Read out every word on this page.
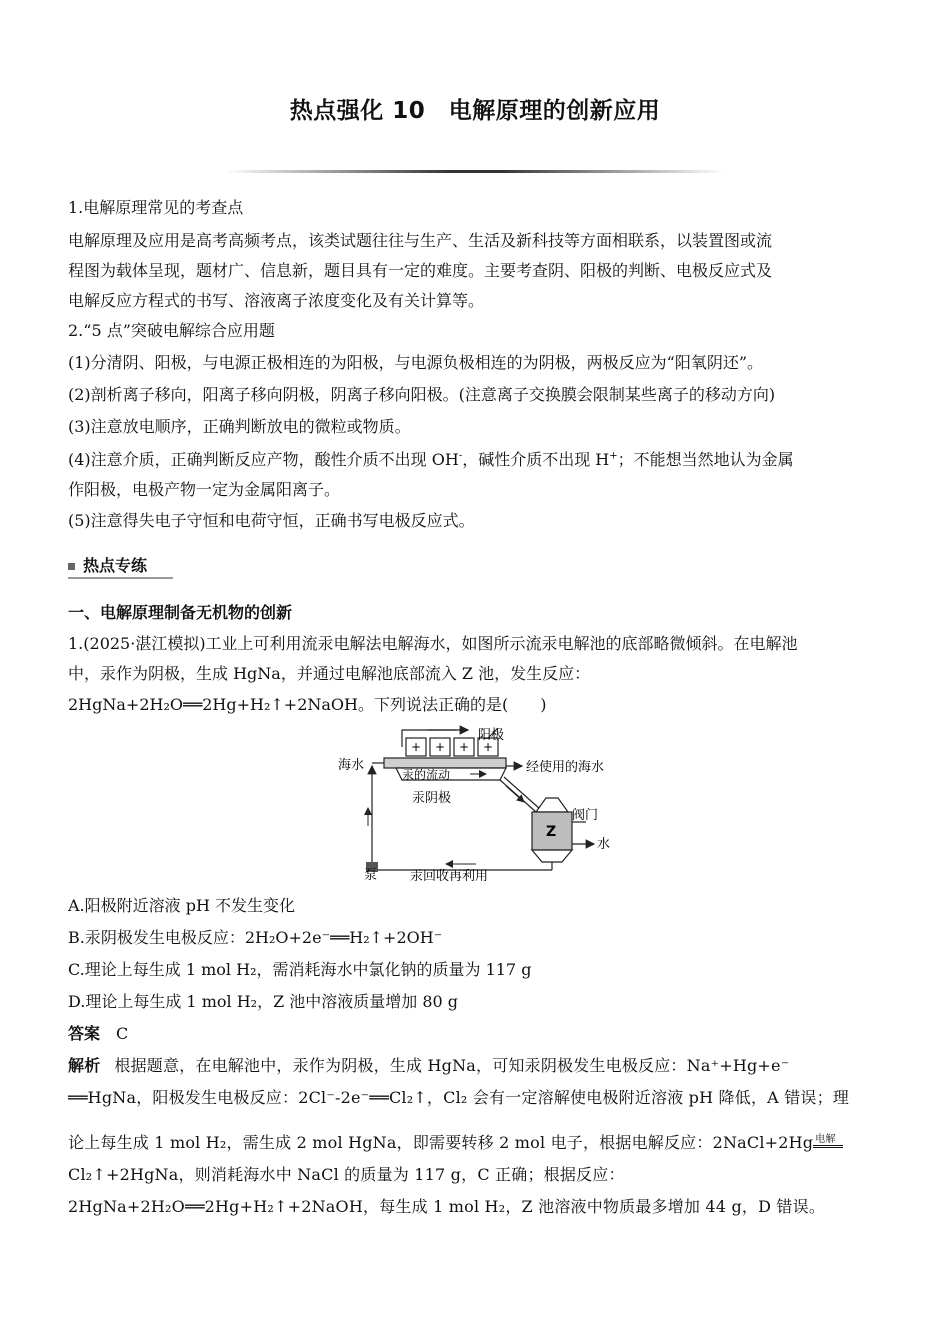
热点强化 10　电解原理的创新应用
1.电解原理常见的考查点
电解原理及应用是高考高频考点，该类试题往往与生产、生活及新科技等方面相联系，以装置图或流
程图为载体呈现，题材广、信息新，题目具有一定的难度。主要考查阴、阳极的判断、电极反应式及
电解反应方程式的书写、溶液离子浓度变化及有关计算等。
2.“5 点”突破电解综合应用题
(1)分清阴、阳极，与电源正极相连的为阳极，与电源负极相连的为阴极，两极反应为“阳氧阴还”。
(2)剖析离子移向，阳离子移向阴极，阴离子移向阳极。(注意离子交换膜会限制某些离子的移动方向)
(3)注意放电顺序，正确判断放电的微粒或物质。
(4)注意介质，正确判断反应产物，酸性介质不出现 OH-，碱性介质不出现 H+；不能想当然地认为金属
作阳极，电极产物一定为金属阳离子。
(5)注意得失电子守恒和电荷守恒，正确书写电极反应式。
热点专练
一、电解原理制备无机物的创新
1.(2025·湛江模拟)工业上可利用流汞电解法电解海水，如图所示流汞电解池的底部略微倾斜。在电解池
中，汞作为阴极，生成 HgNa，并通过电解池底部流入 Z 池，发生反应：
2HgNa+2H₂O══2Hg+H₂↑+2NaOH。下列说法正确的是(　　)
+ + + +
阳极
海水	经使用的海水
汞的流动
汞阴极
Z
阀门
水
泵	汞回收再利用
A.阳极附近溶液 pH 不发生变化
B.汞阴极发生电极反应：2H₂O+2e⁻══H₂↑+2OH⁻
C.理论上每生成 1 mol H₂，需消耗海水中氯化钠的质量为 117 g
D.理论上每生成 1 mol H₂，Z 池中溶液质量增加 80 g
答案 C
解析 根据题意，在电解池中，汞作为阴极，生成 HgNa，可知汞阴极发生电极反应：Na⁺+Hg+e⁻
══HgNa，阳极发生电极反应：2Cl⁻-2e⁻══Cl₂↑，Cl₂ 会有一定溶解使电极附近溶液 pH 降低，A 错误；理
论上每生成 1 mol H₂，需生成 2 mol HgNa，即需要转移 2 mol 电子，根据电解反应：2NaCl+2Hg 电解
Cl₂↑+2HgNa，则消耗海水中 NaCl 的质量为 117 g，C 正确；根据反应：
2HgNa+2H₂O══2Hg+H₂↑+2NaOH，每生成 1 mol H₂，Z 池溶液中物质最多增加 44 g，D 错误。
